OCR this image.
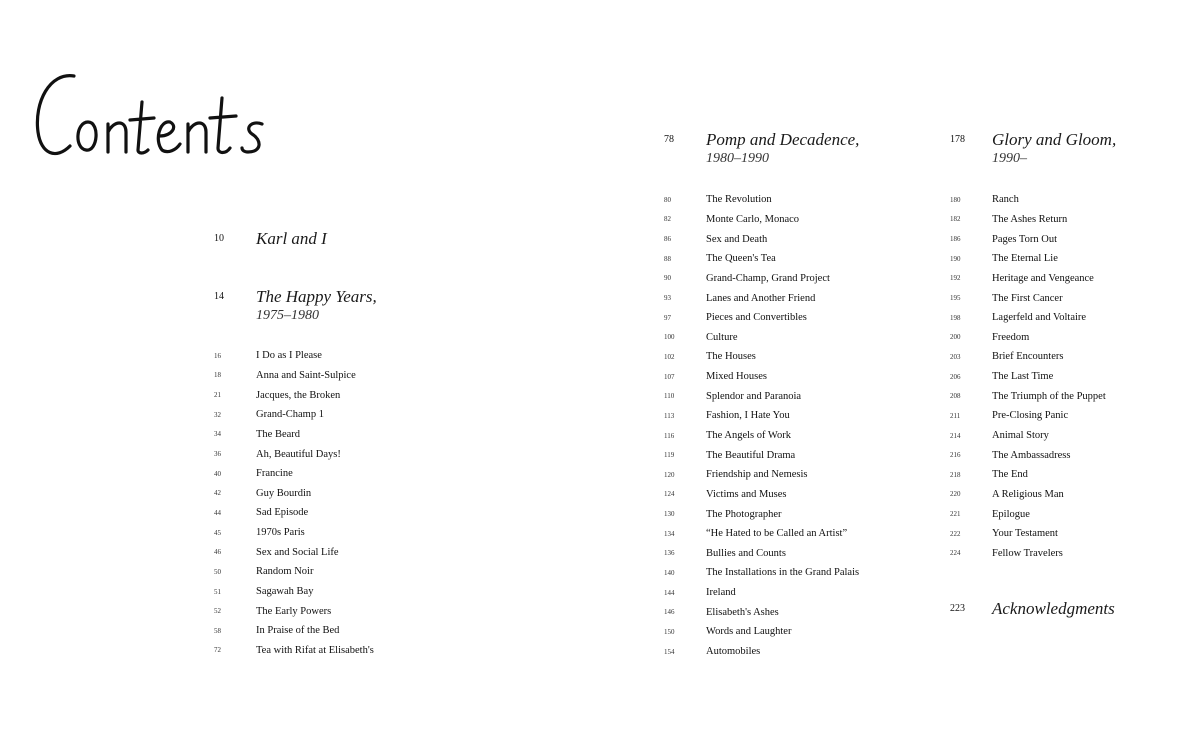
10	Karl and I
14	The Happy Years,
1975–1980
16	I Do as I Please
18	Anna and Saint-Sulpice
21	Jacques, the Broken
32	Grand-Champ 1
34	The Beard
36	Ah, Beautiful Days!
40	Francine
42	Guy Bourdin
44	Sad Episode
45	1970s Paris
46	Sex and Social Life
50	Random Noir
51	Sagawah Bay
52	The Early Powers
58	In Praise of the Bed
72	Tea with Rifat at Elisabeth's
78	Pomp and Decadence,
1980–1990
80	The Revolution
82	Monte Carlo, Monaco
86	Sex and Death
88	The Queen's Tea
90	Grand-Champ, Grand Project
93	Lanes and Another Friend
97	Pieces and Convertibles
100	Culture
102	The Houses
107	Mixed Houses
110	Splendor and Paranoia
113	Fashion, I Hate You
116	The Angels of Work
119	The Beautiful Drama
120	Friendship and Nemesis
124	Victims and Muses
130	The Photographer
134	“He Hated to be Called an Artist”
136	Bullies and Counts
140	The Installations in the Grand Palais
144	Ireland
146	Elisabeth's Ashes
150	Words and Laughter
154	Automobiles
178	Glory and Gloom,
1990–
180	Ranch
182	The Ashes Return
186	Pages Torn Out
190	The Eternal Lie
192	Heritage and Vengeance
195	The First Cancer
198	Lagerfeld and Voltaire
200	Freedom
203	Brief Encounters
206	The Last Time
208	The Triumph of the Puppet
211	Pre-Closing Panic
214	Animal Story
216	The Ambassadress
218	The End
220	A Religious Man
221	Epilogue
222	Your Testament
224	Fellow Travelers
223	Acknowledgments
